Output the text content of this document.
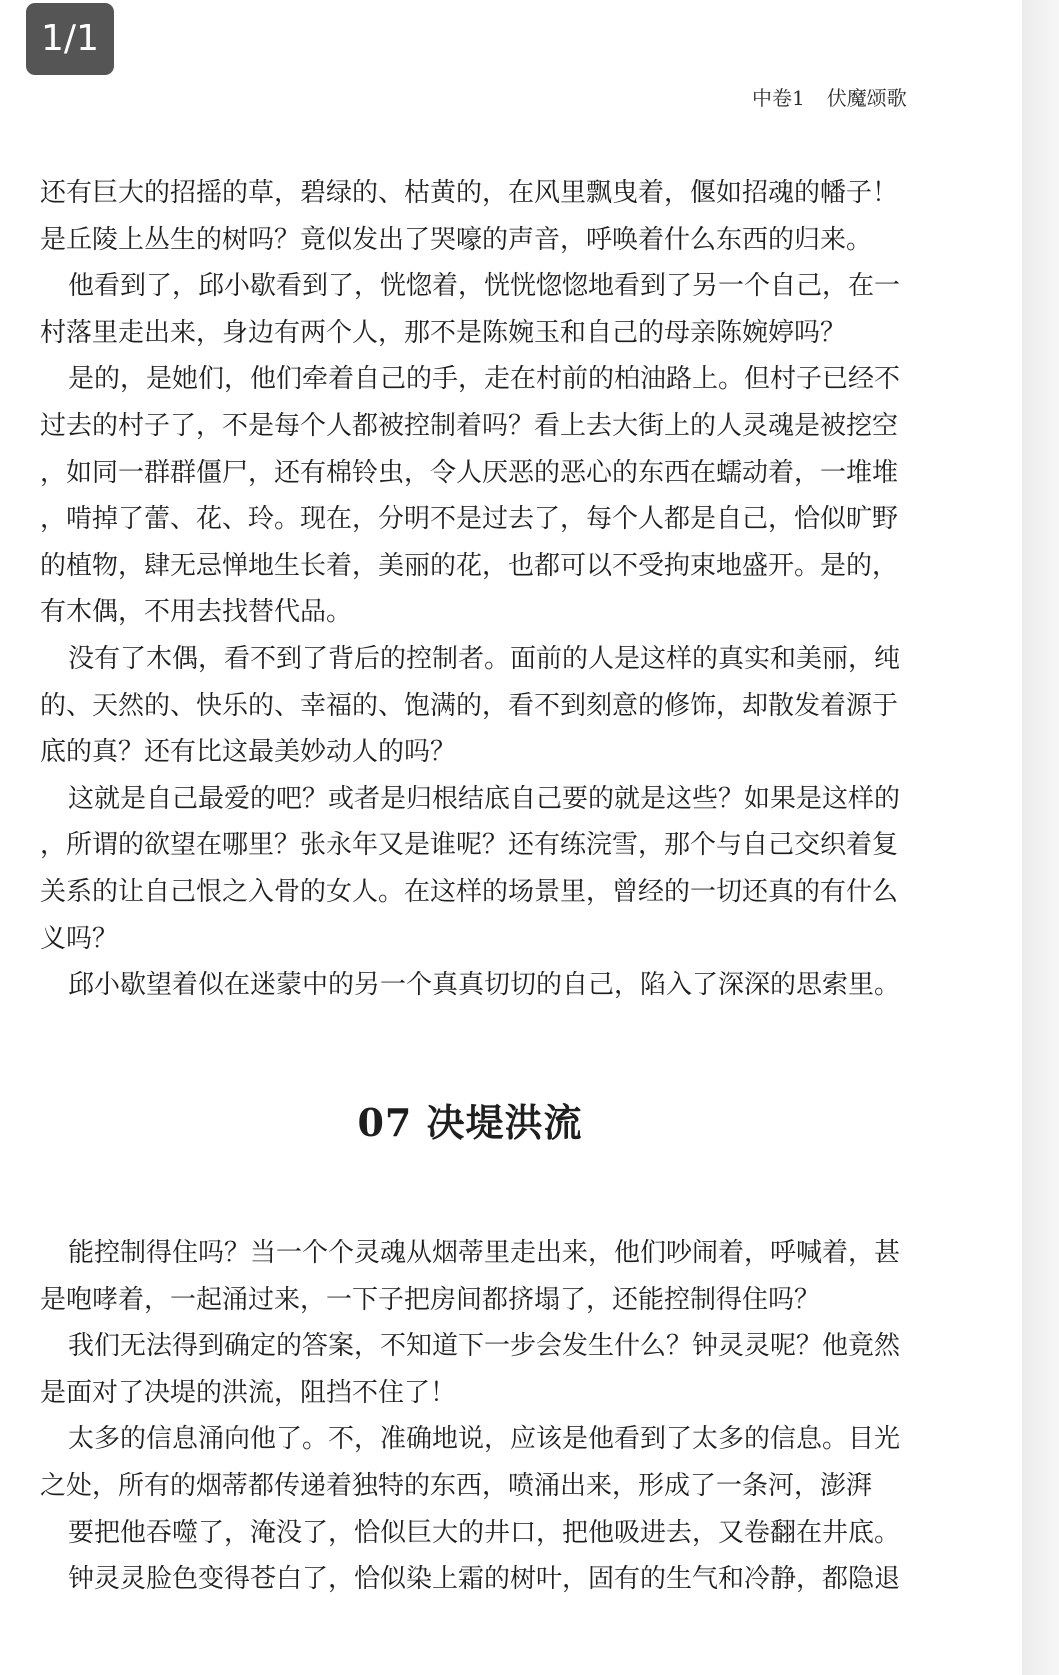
1/1
中卷1 伏魔颂歌
还有巨大的招摇的草，碧绿的、枯黄的，在风里飘曳着，偃如招魂的幡子！
是丘陵上丛生的树吗？竟似发出了哭嚎的声音，呼唤着什么东西的归来。
他看到了，邱小歇看到了，恍惚着，恍恍惚惚地看到了另一个自己，在一
村落里走出来，身边有两个人，那不是陈婉玉和自己的母亲陈婉婷吗？
是的，是她们，他们牵着自己的手，走在村前的柏油路上。但村子已经不
过去的村子了，不是每个人都被控制着吗？看上去大街上的人灵魂是被挖空
，如同一群群僵尸，还有棉铃虫，令人厌恶的恶心的东西在蠕动着，一堆堆
，啃掉了蕾、花、玲。现在，分明不是过去了，每个人都是自己，恰似旷野
的植物，肆无忌惮地生长着，美丽的花，也都可以不受拘束地盛开。是的，
有木偶，不用去找替代品。
没有了木偶，看不到了背后的控制者。面前的人是这样的真实和美丽，纯
的、天然的、快乐的、幸福的、饱满的，看不到刻意的修饰，却散发着源于
底的真？还有比这最美妙动人的吗？
这就是自己最爱的吧？或者是归根结底自己要的就是这些？如果是这样的
，所谓的欲望在哪里？张永年又是谁呢？还有练浣雪，那个与自己交织着复
关系的让自己恨之入骨的女人。在这样的场景里，曾经的一切还真的有什么
义吗？
邱小歇望着似在迷蒙中的另一个真真切切的自己，陷入了深深的思索里。
07 决堤洪流
能控制得住吗？当一个个灵魂从烟蒂里走出来，他们吵闹着，呼喊着，甚
是咆哮着，一起涌过来，一下子把房间都挤塌了，还能控制得住吗？
我们无法得到确定的答案，不知道下一步会发生什么？钟灵灵呢？他竟然
是面对了决堤的洪流，阻挡不住了！
太多的信息涌向他了。不，准确地说，应该是他看到了太多的信息。目光
之处，所有的烟蒂都传递着独特的东西，喷涌出来，形成了一条河，澎湃
要把他吞噬了，淹没了，恰似巨大的井口，把他吸进去，又卷翻在井底。
钟灵灵脸色变得苍白了，恰似染上霜的树叶，固有的生气和冷静，都隐退
